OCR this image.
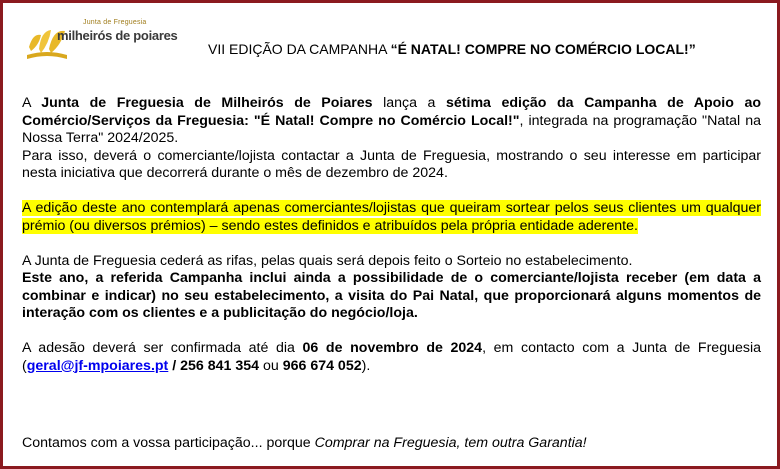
Junta de Freguesia
milheirós de poiares
VII EDIÇÃO DA CAMPANHA “É NATAL! COMPRE NO COMÉRCIO LOCAL!”

A Junta de Freguesia de Milheirós de Poiares lança a sétima edição da Campanha de Apoio ao Comércio/Serviços da Freguesia: "É Natal! Compre no Comércio Local!", integrada na programação "Natal na Nossa Terra" 2024/2025.

Para isso, deverá o comerciante/lojista contactar a Junta de Freguesia, mostrando o seu interesse em participar nesta iniciativa que decorrerá durante o mês de dezembro de 2024.

A edição deste ano contemplará apenas comerciantes/lojistas que queiram sortear pelos seus clientes um qualquer prémio (ou diversos prémios) – sendo estes definidos e atribuídos pela própria entidade aderente.

A Junta de Freguesia cederá as rifas, pelas quais será depois feito o Sorteio no estabelecimento.

Este ano, a referida Campanha inclui ainda a possibilidade de o comerciante/lojista receber (em data a combinar e indicar) no seu estabelecimento, a visita do Pai Natal, que proporcionará alguns momentos de interação com os clientes e a publicitação do negócio/loja.

A adesão deverá ser confirmada até dia 06 de novembro de 2024, em contacto com a Junta de Freguesia (geral@jf-mpoiares.pt / 256 841 354 ou 966 674 052).

Contamos com a vossa participação... porque Comprar na Freguesia, tem outra Garantia!
